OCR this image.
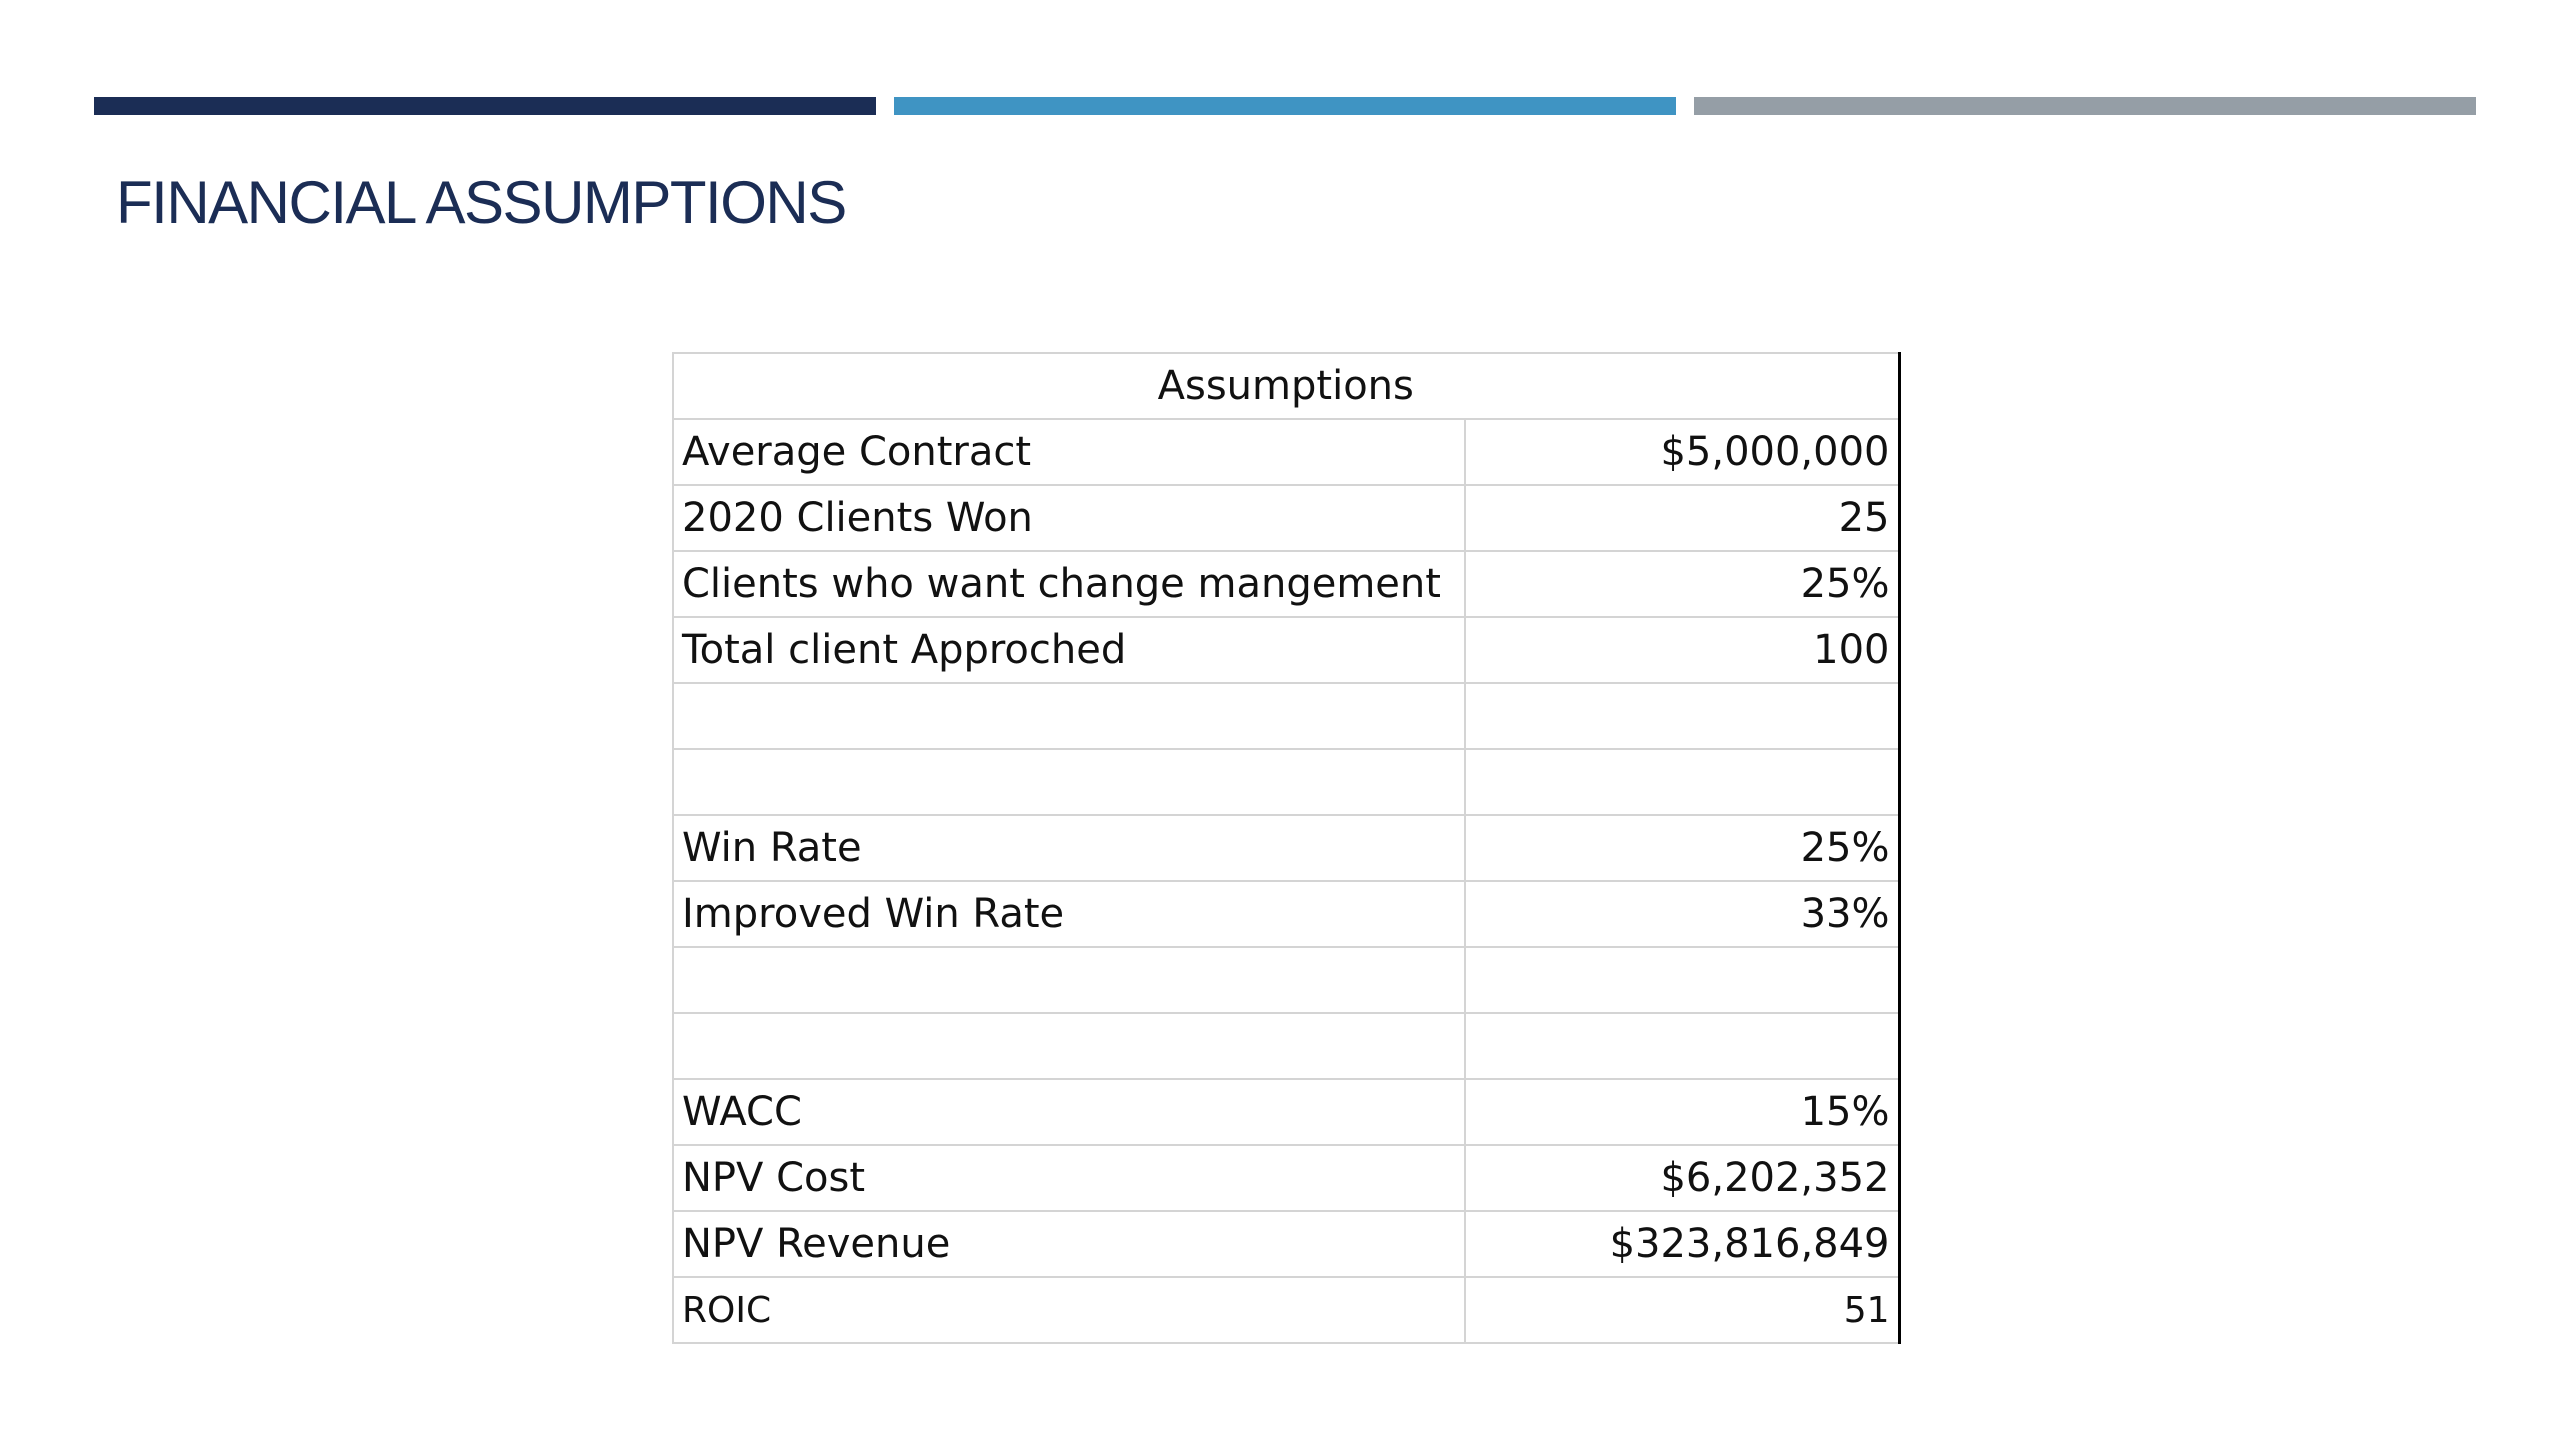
FINANCIAL ASSUMPTIONS
Assumptions	
Average Contract	$5,000,000
2020 Clients Won	25
Clients who want change mangement	25%
Total client Approched	100

Win Rate	25%
Improved Win Rate	33%

WACC	15%
NPV Cost	$6,202,352
NPV Revenue	$323,816,849
ROIC	51
